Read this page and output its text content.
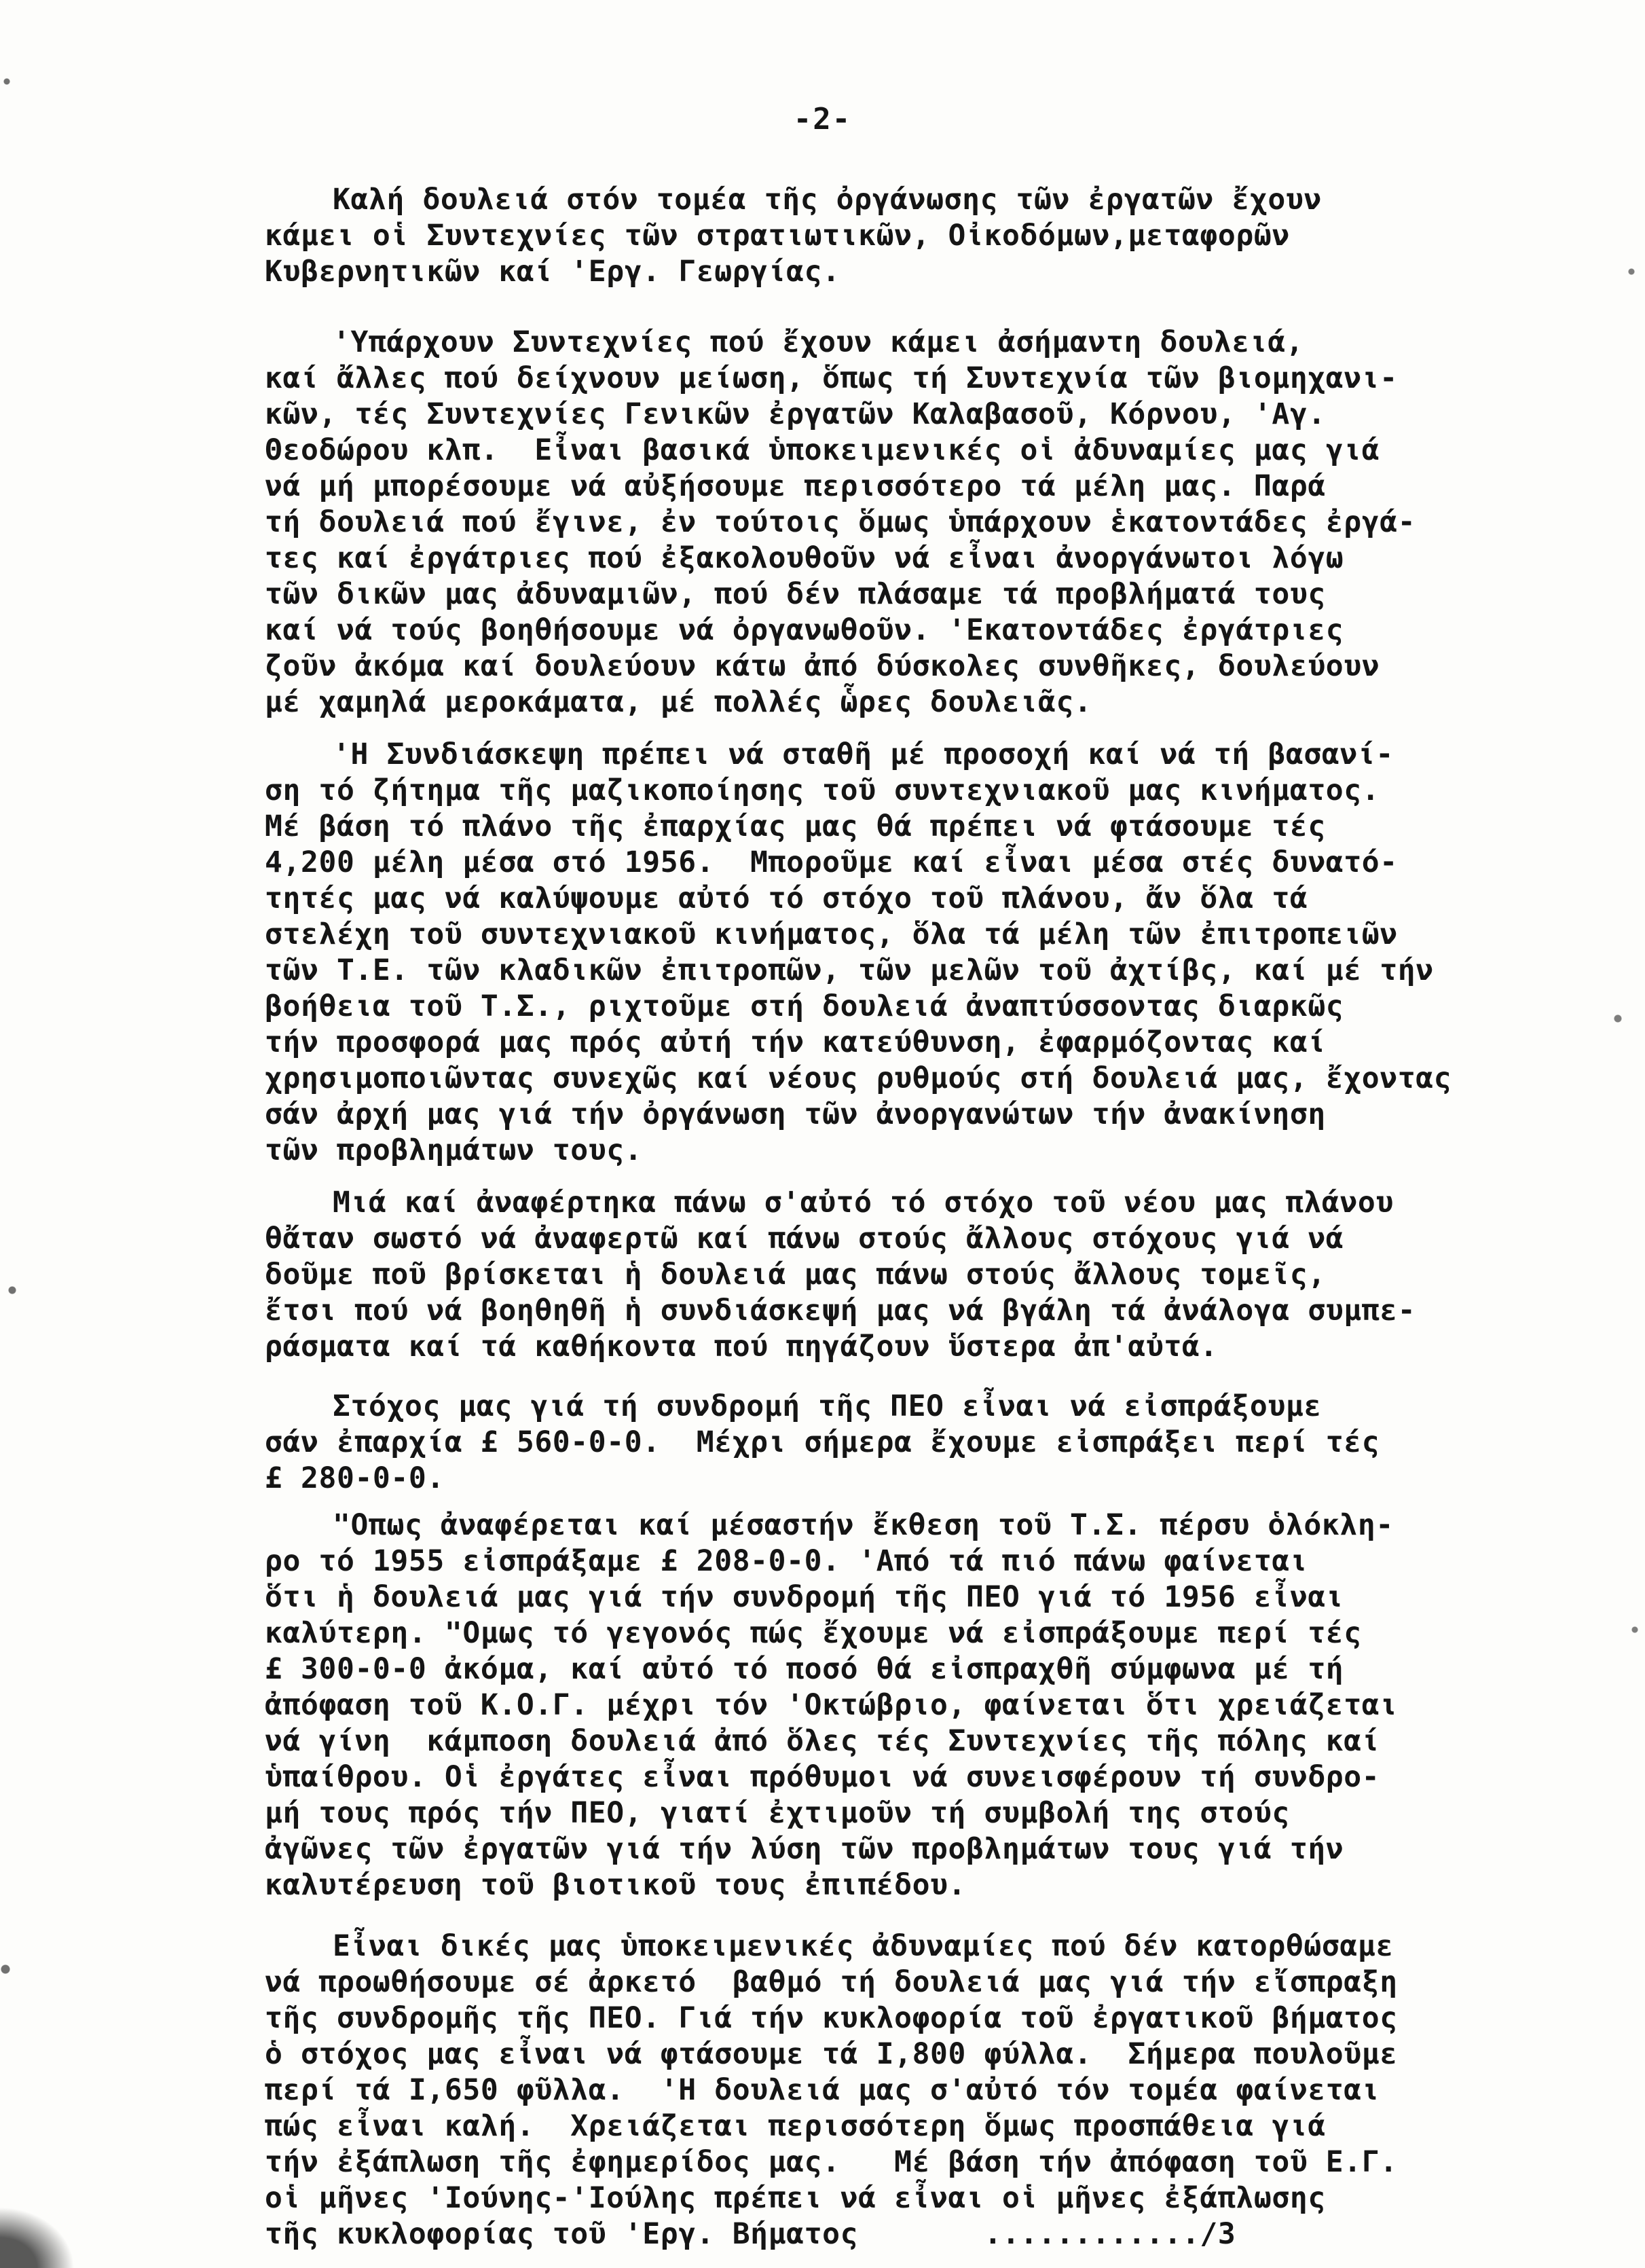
-2-
Καλή δουλειά στόν τομέα τῆς ὀργάνωσης τῶν ἐργατῶν ἔχουν
κάμει οἱ Συντεχνίες τῶν στρατιωτικῶν, Οἰκοδόμων,μεταφορῶν
Κυβερνητικῶν καί 'Εργ. Γεωργίας.
'Υπάρχουν Συντεχνίες πού ἔχουν κάμει ἀσήμαντη δουλειά,
καί ἄλλες πού δείχνουν μείωση, ὅπως τή Συντεχνία τῶν βιομηχανι-
κῶν, τές Συντεχνίες Γενικῶν ἐργατῶν Καλαβασοῦ, Κόρνου, 'Αγ.
Θεοδώρου κλπ.  Εἶναι βασικά ὑποκειμενικές οἱ ἀδυναμίες μας γιά
νά μή μπορέσουμε νά αὐξήσουμε περισσότερο τά μέλη μας. Παρά
τή δουλειά πού ἔγινε, ἐν τούτοις ὅμως ὑπάρχουν ἑκατοντάδες ἐργά-
τες καί ἐργάτριες πού ἐξακολουθοῦν νά εἶναι ἀνοργάνωτοι λόγω
τῶν δικῶν μας ἀδυναμιῶν, πού δέν πλάσαμε τά προβλήματά τους
καί νά τούς βοηθήσουμε νά ὀργανωθοῦν. 'Εκατοντάδες ἐργάτριες
ζοῦν ἀκόμα καί δουλεύουν κάτω ἀπό δύσκολες συνθῆκες, δουλεύουν
μέ χαμηλά μεροκάματα, μέ πολλές ὧρες δουλειᾶς.
'Η Συνδιάσκεψη πρέπει νά σταθῆ μέ προσοχή καί νά τή βασανί-
ση τό ζήτημα τῆς μαζικοποίησης τοῦ συντεχνιακοῦ μας κινήματος.
Μέ βάση τό πλάνο τῆς ἐπαρχίας μας θά πρέπει νά φτάσουμε τές
4,200 μέλη μέσα στό 1956.  Μποροῦμε καί εἶναι μέσα στές δυνατό-
τητές μας νά καλύψουμε αὐτό τό στόχο τοῦ πλάνου, ἄν ὅλα τά
στελέχη τοῦ συντεχνιακοῦ κινήματος, ὅλα τά μέλη τῶν ἐπιτροπειῶν
τῶν Τ.Ε. τῶν κλαδικῶν ἐπιτροπῶν, τῶν μελῶν τοῦ ἀχτίβς, καί μέ τήν
βοήθεια τοῦ Τ.Σ., ριχτοῦμε στή δουλειά ἀναπτύσσοντας διαρκῶς
τήν προσφορά μας πρός αὐτή τήν κατεύθυνση, ἐφαρμόζοντας καί
χρησιμοποιῶντας συνεχῶς καί νέους ρυθμούς στή δουλειά μας, ἔχοντας
σάν ἀρχή μας γιά τήν ὀργάνωση τῶν ἀνοργανώτων τήν ἀνακίνηση
τῶν προβλημάτων τους.
Μιά καί ἀναφέρτηκα πάνω σ'αὐτό τό στόχο τοῦ νέου μας πλάνου
θἄταν σωστό νά ἀναφερτῶ καί πάνω στούς ἄλλους στόχους γιά νά
δοῦμε ποῦ βρίσκεται ἡ δουλειά μας πάνω στούς ἄλλους τομεῖς,
ἔτσι πού νά βοηθηθῆ ἡ συνδιάσκεψή μας νά βγάλη τά ἀνάλογα συμπε-
ράσματα καί τά καθήκοντα πού πηγάζουν ὕστερα ἀπ'αὐτά.
Στόχος μας γιά τή συνδρομή τῆς ΠΕΟ εἶναι νά εἰσπράξουμε
σάν ἐπαρχία £ 560-0-0.  Μέχρι σήμερα ἔχουμε εἰσπράξει περί τές
£ 280-0-0.
"Οπως ἀναφέρεται καί μέσαστήν ἔκθεση τοῦ Τ.Σ. πέρσυ ὁλόκλη-
ρο τό 1955 εἰσπράξαμε £ 208-0-0. 'Από τά πιό πάνω φαίνεται
ὅτι ἡ δουλειά μας γιά τήν συνδρομή τῆς ΠΕΟ γιά τό 1956 εἶναι
καλύτερη. "Ομως τό γεγονός πώς ἔχουμε νά εἰσπράξουμε περί τές
£ 300-0-0 ἀκόμα, καί αὐτό τό ποσό θά εἰσπραχθῆ σύμφωνα μέ τή
ἀπόφαση τοῦ Κ.Ο.Γ. μέχρι τόν 'Οκτώβριο, φαίνεται ὅτι χρειάζεται
νά γίνη  κάμποση δουλειά ἀπό ὅλες τές Συντεχνίες τῆς πόλης καί
ὑπαίθρου. Οἱ ἐργάτες εἶναι πρόθυμοι νά συνεισφέρουν τή συνδρο-
μή τους πρός τήν ΠΕΟ, γιατί ἐχτιμοῦν τή συμβολή της στούς
ἀγῶνες τῶν ἐργατῶν γιά τήν λύση τῶν προβλημάτων τους γιά τήν
καλυτέρευση τοῦ βιοτικοῦ τους ἐπιπέδου.
Εἶναι δικές μας ὑποκειμενικές ἀδυναμίες πού δέν κατορθώσαμε
νά προωθήσουμε σέ ἀρκετό  βαθμό τή δουλειά μας γιά τήν εἴσπραξη
τῆς συνδρομῆς τῆς ΠΕΟ. Γιά τήν κυκλοφορία τοῦ ἐργατικοῦ βήματος
ὁ στόχος μας εἶναι νά φτάσουμε τά I,800 φύλλα.  Σήμερα πουλοῦμε
περί τά I,650 φῦλλα.  'Η δουλειά μας σ'αὐτό τόν τομέα φαίνεται
πώς εἶναι καλή.  Χρειάζεται περισσότερη ὅμως προσπάθεια γιά
τήν ἐξάπλωση τῆς ἐφημερίδος μας.   Μέ βάση τήν ἀπόφαση τοῦ Ε.Γ.
οἱ μῆνες 'Ιούνης-'Ιούλης πρέπει νά εἶναι οἱ μῆνες ἐξάπλωσης
τῆς κυκλοφορίας τοῦ 'Εργ. Βήματος       ............/3
